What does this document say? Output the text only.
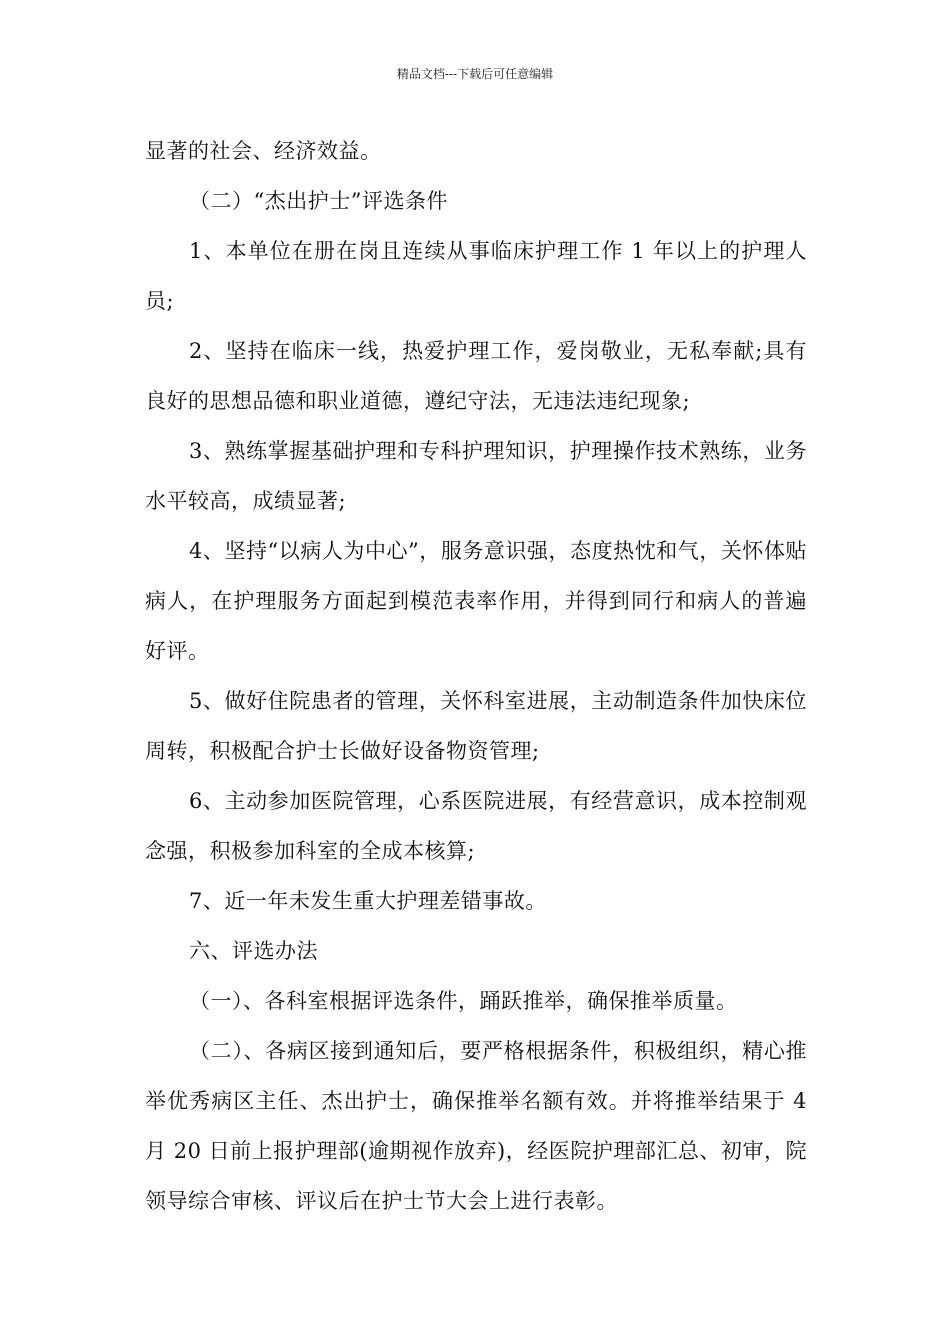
精品文档---下载后可任意编辑

显著的社会、经济效益。

（二）“杰出护士”评选条件

1、本单位在册在岗且连续从事临床护理工作 1 年以上的护理人员;

2、坚持在临床一线，热爱护理工作，爱岗敬业，无私奉献;具有良好的思想品德和职业道德，遵纪守法，无违法违纪现象;

3、熟练掌握基础护理和专科护理知识，护理操作技术熟练，业务水平较高，成绩显著;

4、坚持“以病人为中心”，服务意识强，态度热忱和气，关怀体贴病人，在护理服务方面起到模范表率作用，并得到同行和病人的普遍好评。

5、做好住院患者的管理，关怀科室进展，主动制造条件加快床位周转，积极配合护士长做好设备物资管理;

6、主动参加医院管理，心系医院进展，有经营意识，成本控制观念强，积极参加科室的全成本核算;

7、近一年未发生重大护理差错事故。

六、评选办法

（一）、各科室根据评选条件，踊跃推举，确保推举质量。

（二）、各病区接到通知后，要严格根据条件，积极组织，精心推举优秀病区主任、杰出护士，确保推举名额有效。并将推举结果于 4 月 20 日前上报护理部(逾期视作放弃)，经医院护理部汇总、初审，院领导综合审核、评议后在护士节大会上进行表彰。
